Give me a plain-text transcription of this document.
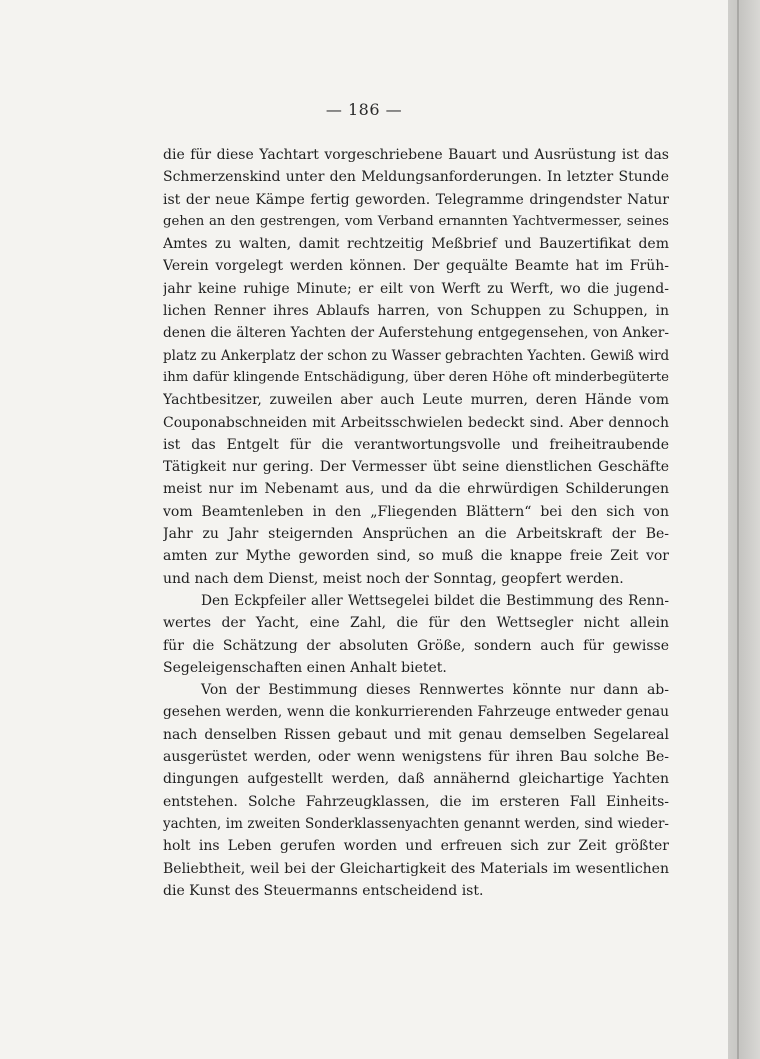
— 186 —
die für diese Yachtart vorgeschriebene Bauart und Ausrüstung ist das
Schmerzenskind unter den Meldungsanforderungen. In letzter Stunde
ist der neue Kämpe fertig geworden. Telegramme dringendster Natur
gehen an den gestrengen, vom Verband ernannten Yachtvermesser, seines
Amtes zu walten, damit rechtzeitig Meßbrief und Bauzertifikat dem
Verein vorgelegt werden können. Der gequälte Beamte hat im Früh-
jahr keine ruhige Minute; er eilt von Werft zu Werft, wo die jugend-
lichen Renner ihres Ablaufs harren, von Schuppen zu Schuppen, in
denen die älteren Yachten der Auferstehung entgegensehen, von Anker-
platz zu Ankerplatz der schon zu Wasser gebrachten Yachten. Gewiß wird
ihm dafür klingende Entschädigung, über deren Höhe oft minderbegüterte
Yachtbesitzer, zuweilen aber auch Leute murren, deren Hände vom
Couponabschneiden mit Arbeitsschwielen bedeckt sind. Aber dennoch
ist das Entgelt für die verantwortungsvolle und freiheitraubende
Tätigkeit nur gering. Der Vermesser übt seine dienstlichen Geschäfte
meist nur im Nebenamt aus, und da die ehrwürdigen Schilderungen
vom Beamtenleben in den „Fliegenden Blättern“ bei den sich von
Jahr zu Jahr steigernden Ansprüchen an die Arbeitskraft der Be-
amten zur Mythe geworden sind, so muß die knappe freie Zeit vor
und nach dem Dienst, meist noch der Sonntag, geopfert werden.
Den Eckpfeiler aller Wettsegelei bildet die Bestimmung des Renn-
wertes der Yacht, eine Zahl, die für den Wettsegler nicht allein
für die Schätzung der absoluten Größe, sondern auch für gewisse
Segeleigenschaften einen Anhalt bietet.
Von der Bestimmung dieses Rennwertes könnte nur dann ab-
gesehen werden, wenn die konkurrierenden Fahrzeuge entweder genau
nach denselben Rissen gebaut und mit genau demselben Segelareal
ausgerüstet werden, oder wenn wenigstens für ihren Bau solche Be-
dingungen aufgestellt werden, daß annähernd gleichartige Yachten
entstehen. Solche Fahrzeugklassen, die im ersteren Fall Einheits-
yachten, im zweiten Sonderklassenyachten genannt werden, sind wieder-
holt ins Leben gerufen worden und erfreuen sich zur Zeit größter
Beliebtheit, weil bei der Gleichartigkeit des Materials im wesentlichen
die Kunst des Steuermanns entscheidend ist.
